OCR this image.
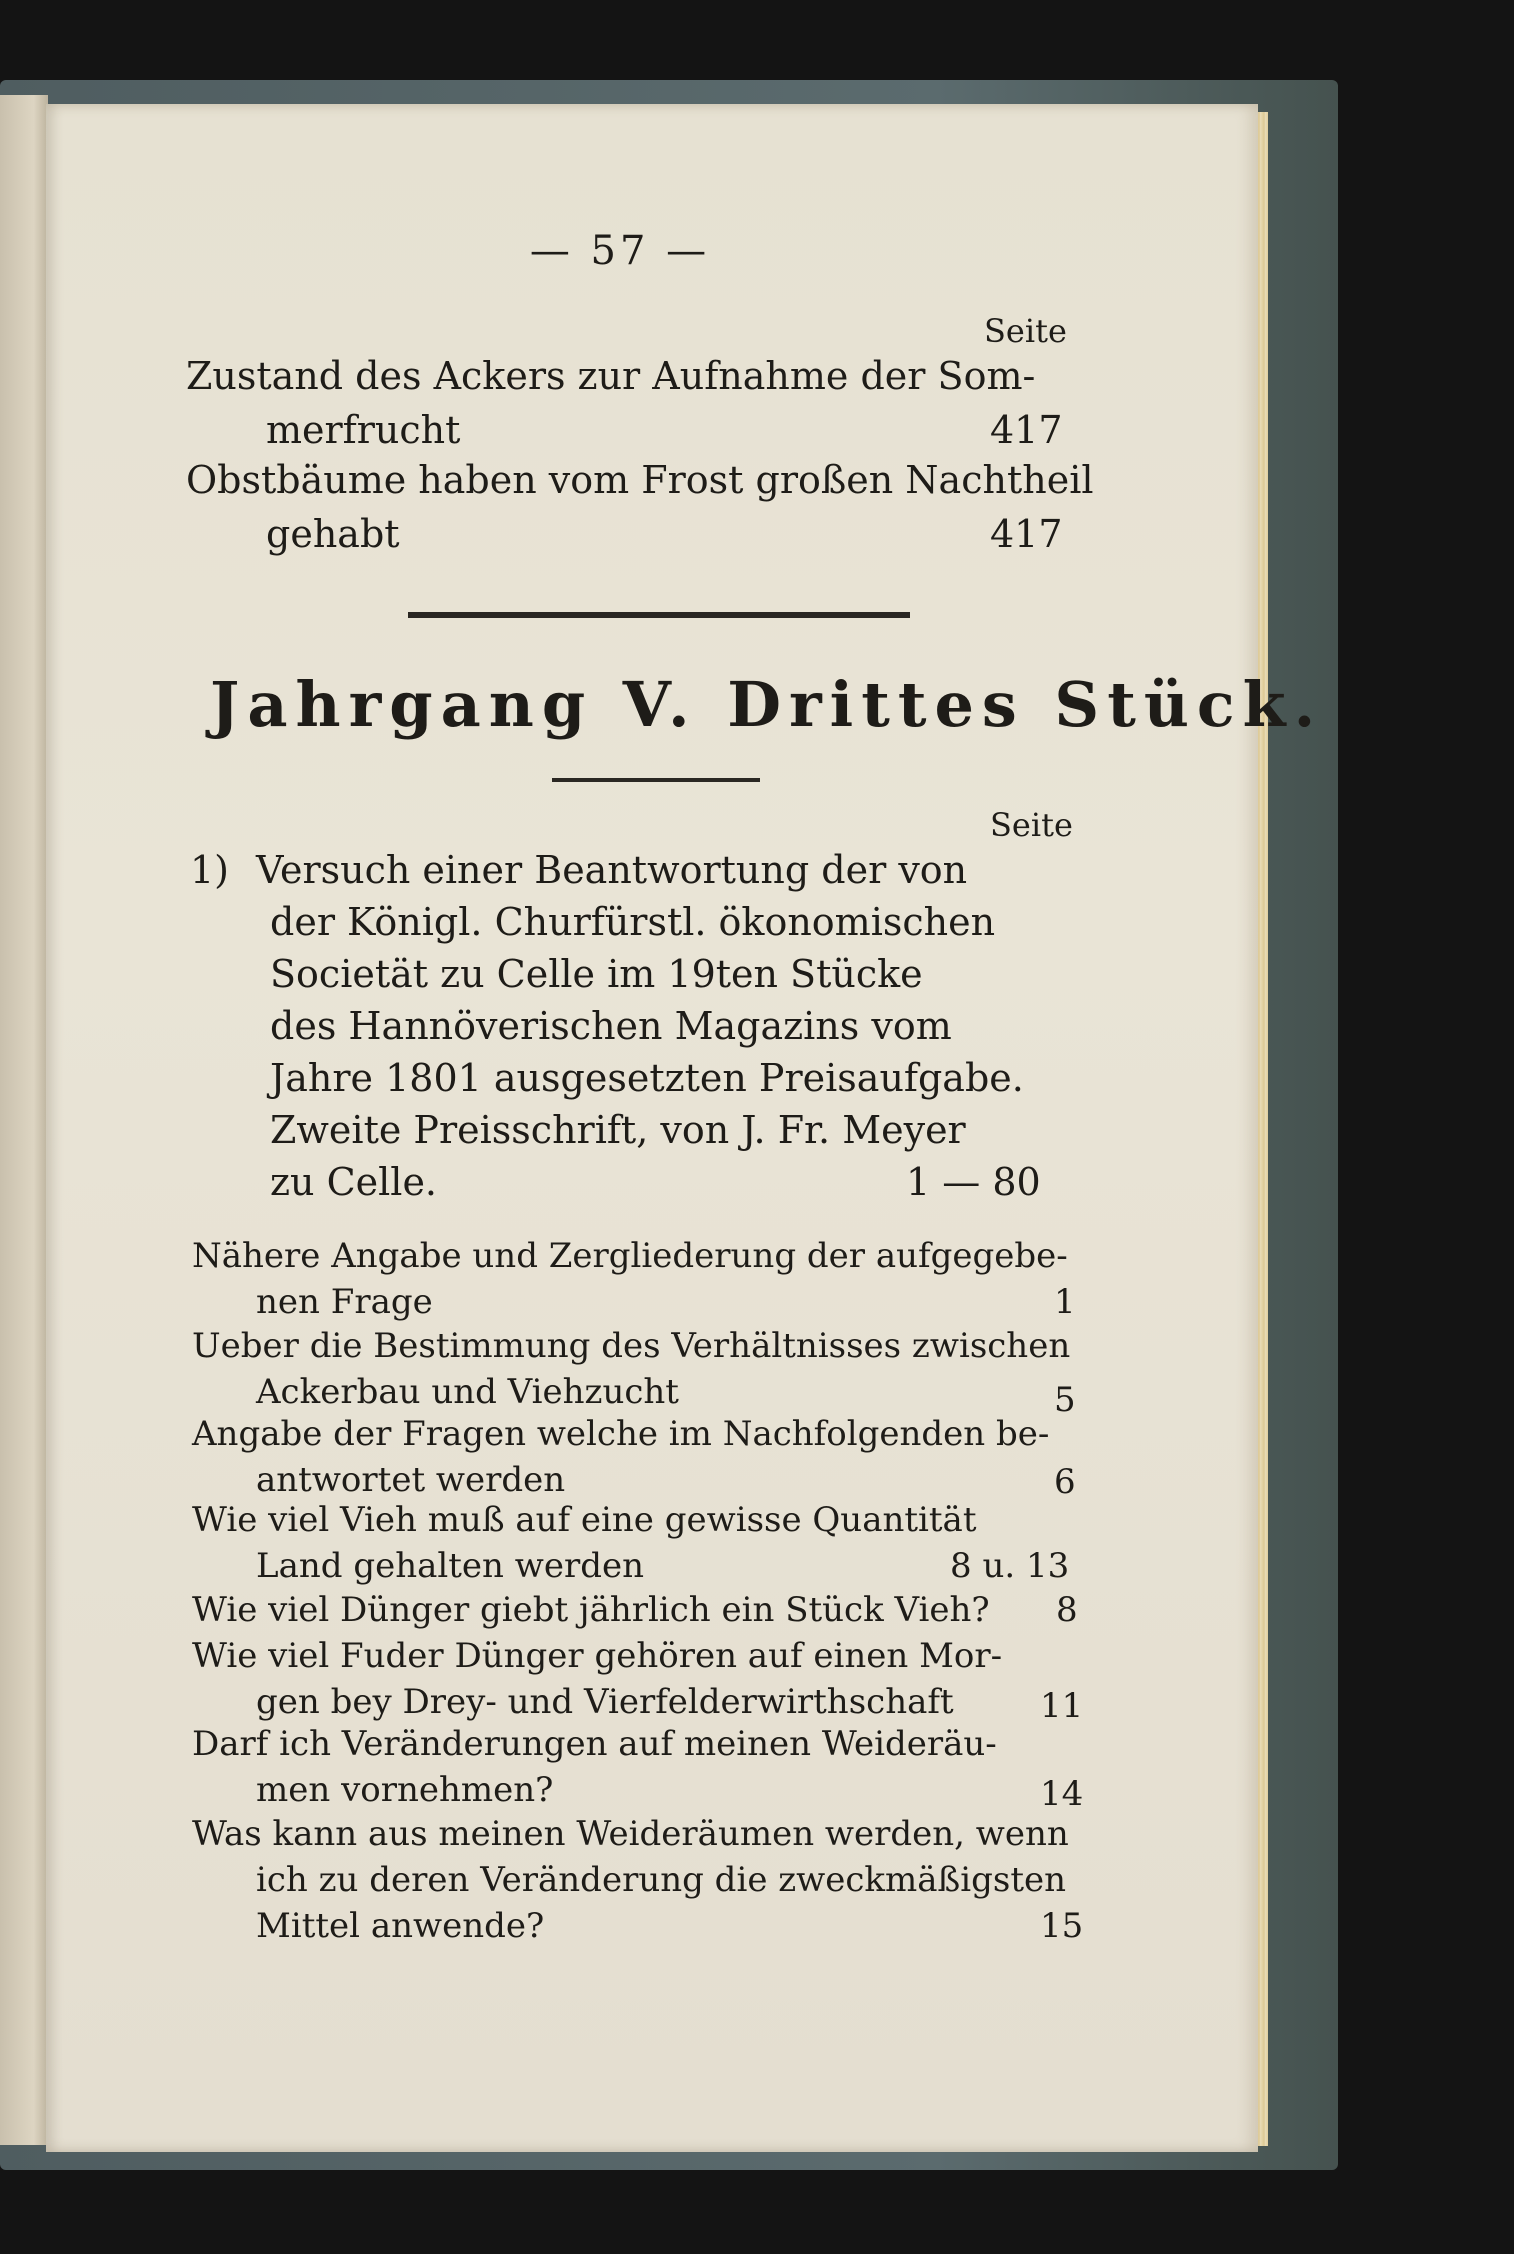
— 57 —
Seite
Zustand des Ackers zur Aufnahme der Som-
merfrucht	417
Obstbäume haben vom Frost großen Nachtheil
gehabt	417
Jahrgang V. Drittes Stück.
Seite
1) Versuch einer Beantwortung der von
der Königl. Churfürstl. ökonomischen
Societät zu Celle im 19ten Stücke
des Hannöverischen Magazins vom
Jahre 1801 ausgesetzten Preisaufgabe.
Zweite Preisschrift, von J. Fr. Meyer
zu Celle.	1 — 80
Nähere Angabe und Zergliederung der aufgegebe-
nen Frage	1
Ueber die Bestimmung des Verhältnisses zwischen
Ackerbau und Viehzucht	5
Angabe der Fragen welche im Nachfolgenden be-
antwortet werden	6
Wie viel Vieh muß auf eine gewisse Quantität
Land gehalten werden	8 u. 13
Wie viel Dünger giebt jährlich ein Stück Vieh? 8
Wie viel Fuder Dünger gehören auf einen Mor-
gen bey Drey- und Vierfelderwirthschaft	11
Darf ich Veränderungen auf meinen Weideräu-
men vornehmen?	14
Was kann aus meinen Weideräumen werden, wenn
ich zu deren Veränderung die zweckmäßigsten
Mittel anwende?	15
